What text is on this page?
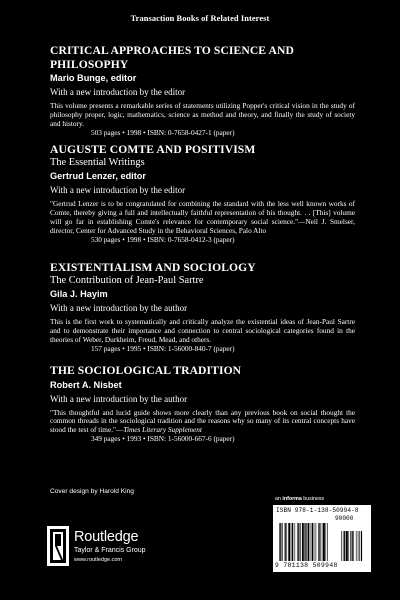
Transaction Books of Related Interest
CRITICAL APPROACHES TO SCIENCE AND PHILOSOPHY
Mario Bunge, editor
With a new introduction by the editor
This volume presents a remarkable series of statements utilizing Popper's critical vision in the study of philosophy proper, logic, mathematics, science as method and theory, and finally the study of society and history.
503 pages • 1998 • ISBN: 0-7658-0427-1 (paper)
AUGUSTE COMTE AND POSITIVISM
The Essential Writings
Gertrud Lenzer, editor
With a new introduction by the editor
"Gertrud Lenzer is to be congratulated for combining the standard with the less well known works of Comte, thereby giving a full and intellectually faithful representation of his thought. . . [This] volume will go far in establishing Comte's relevance for contemporary social science."—Neil J. Smelser, director, Center for Advanced Study in the Behavioral Sciences, Palo Alto
530 pages • 1998 • ISBN: 0-7658-0412-3 (paper)
EXISTENTIALISM AND SOCIOLOGY
The Contribution of Jean-Paul Sartre
Gila J. Hayim
With a new introduction by the author
This is the first work to systematically and critically analyze the existential ideas of Jean-Paul Sartre and to demonstrate their importance and connection to central sociological categories found in the theories of Weber, Durkheim, Freud, Mead, and others.
157 pages • 1995 • ISBN: 1-56000-840-7 (paper)
THE SOCIOLOGICAL TRADITION
Robert A. Nisbet
With a new introduction by the author
"This thoughtful and lucid guide shows more clearly than any previous book on social thought the common threads in the sociological tradition and the reasons why so many of its central concepts have stood the test of time."—Times Literary Supplement
349 pages • 1993 • ISBN: 1-56000-667-6 (paper)
Cover design by Harold King
Routledge
Taylor & Francis Group
www.routledge.com
an informa business
ISBN 978-1-138-50994-8
90000
9 781138 509948
